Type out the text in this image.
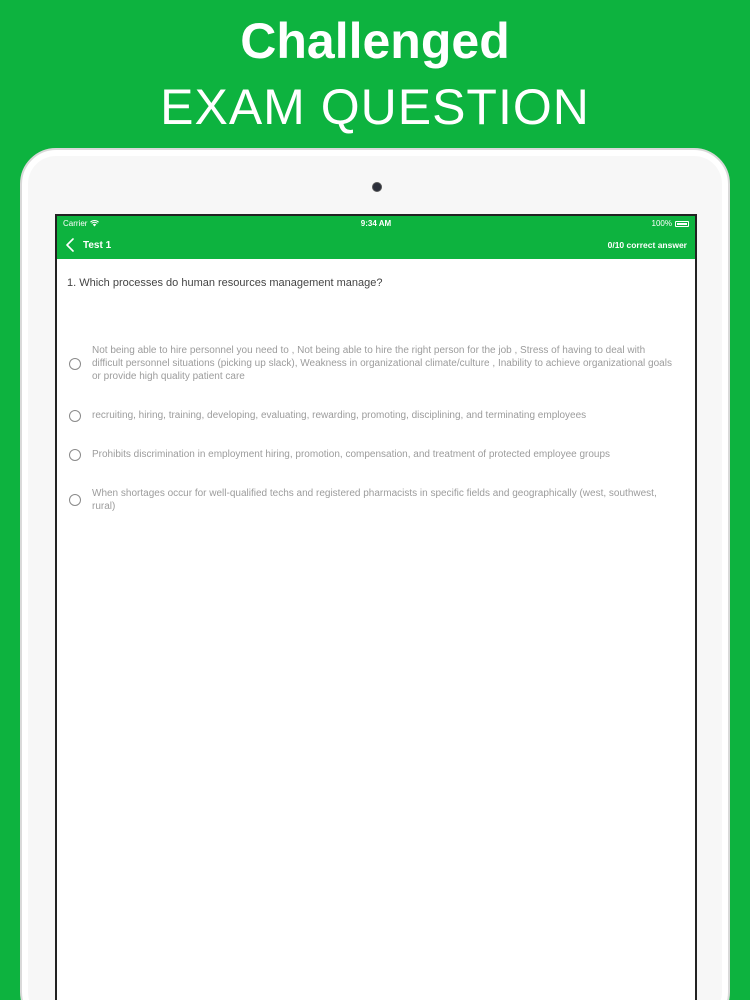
Challenged
EXAM QUESTION
Carrier	9:34 AM	100%
Test 1	0/10 correct answer
1. Which processes do human resources management manage?
Not being able to hire personnel you need to , Not being able to hire the right person for the job , Stress of having to deal with difficult personnel situations (picking up slack), Weakness in organizational climate/culture , Inability to achieve organizational goals or provide high quality patient care
recruiting, hiring, training, developing, evaluating, rewarding, promoting, disciplining, and terminating employees
Prohibits discrimination in employment hiring, promotion, compensation, and treatment of protected employee groups
When shortages occur for well-qualified techs and registered pharmacists in specific fields and geographically (west, southwest, rural)
